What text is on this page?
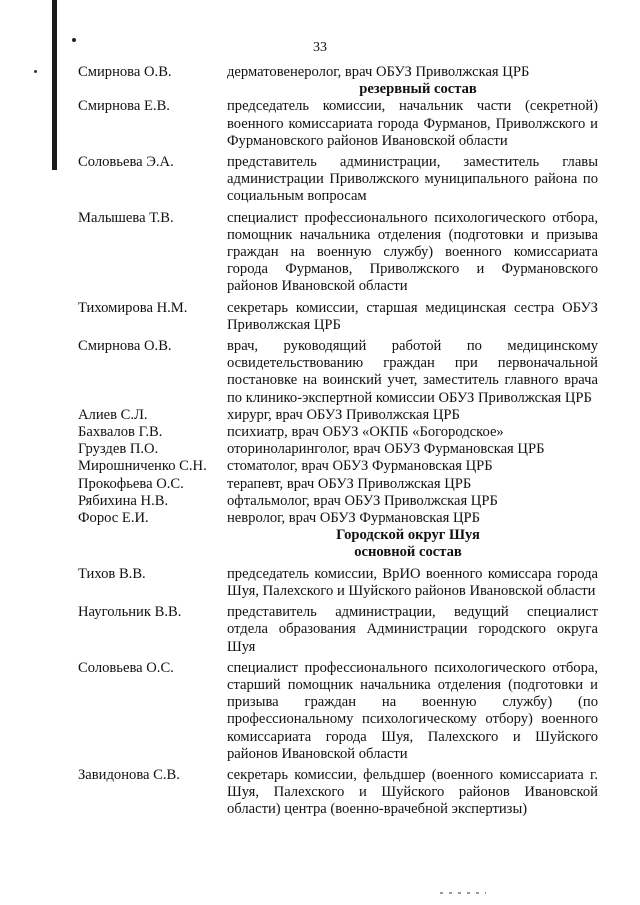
33
Смирнова О.В.	дерматовенеролог, врач ОБУЗ Приволжская ЦРБ
резервный состав
Смирнова Е.В.	председатель комиссии, начальник части (секретной) военного комиссариата города Фурманов, Приволжского и Фурмановского районов Ивановской области
Соловьева Э.А.	представитель администрации, заместитель главы администрации Приволжского муниципального района по социальным вопросам
Малышева Т.В.	специалист профессионального психологического отбора, помощник начальника отделения (подготовки и призыва граждан на военную службу) военного комиссариата города Фурманов, Приволжского и Фурмановского районов Ивановской области
Тихомирова Н.М.	секретарь комиссии, старшая медицинская сестра ОБУЗ Приволжская ЦРБ
Смирнова О.В.	врач, руководящий работой по медицинскому освидетельствованию граждан при первоначальной постановке на воинский учет, заместитель главного врача по клинико-экспертной комиссии ОБУЗ Приволжская ЦРБ
Алиев С.Л.	хирург, врач ОБУЗ Приволжская ЦРБ
Бахвалов Г.В.	психиатр, врач ОБУЗ «ОКПБ «Богородское»
Груздев П.О.	оториноларинголог, врач ОБУЗ Фурмановская ЦРБ
Мирошниченко С.Н.	стоматолог, врач ОБУЗ Фурмановская ЦРБ
Прокофьева О.С.	терапевт, врач ОБУЗ Приволжская ЦРБ
Рябихина Н.В.	офтальмолог, врач ОБУЗ Приволжская ЦРБ
Форос Е.И.	невролог, врач ОБУЗ Фурмановская ЦРБ
Городской округ Шуя
основной состав
Тихов В.В.	председатель комиссии, ВрИО военного комиссара города Шуя, Палехского и Шуйского районов Ивановской области
Наугольник В.В.	представитель администрации, ведущий специалист отдела образования Администрации городского округа Шуя
Соловьева О.С.	специалист профессионального психологического отбора, старший помощник начальника отделения (подготовки и призыва граждан на военную службу) (по профессиональному психологическому отбору) военного комиссариата города Шуя, Палехского и Шуйского районов Ивановской области
Завидонова С.В.	секретарь комиссии, фельдшер (военного комиссариата г. Шуя, Палехского и Шуйского районов Ивановской области) центра (военно-врачебной экспертизы)
